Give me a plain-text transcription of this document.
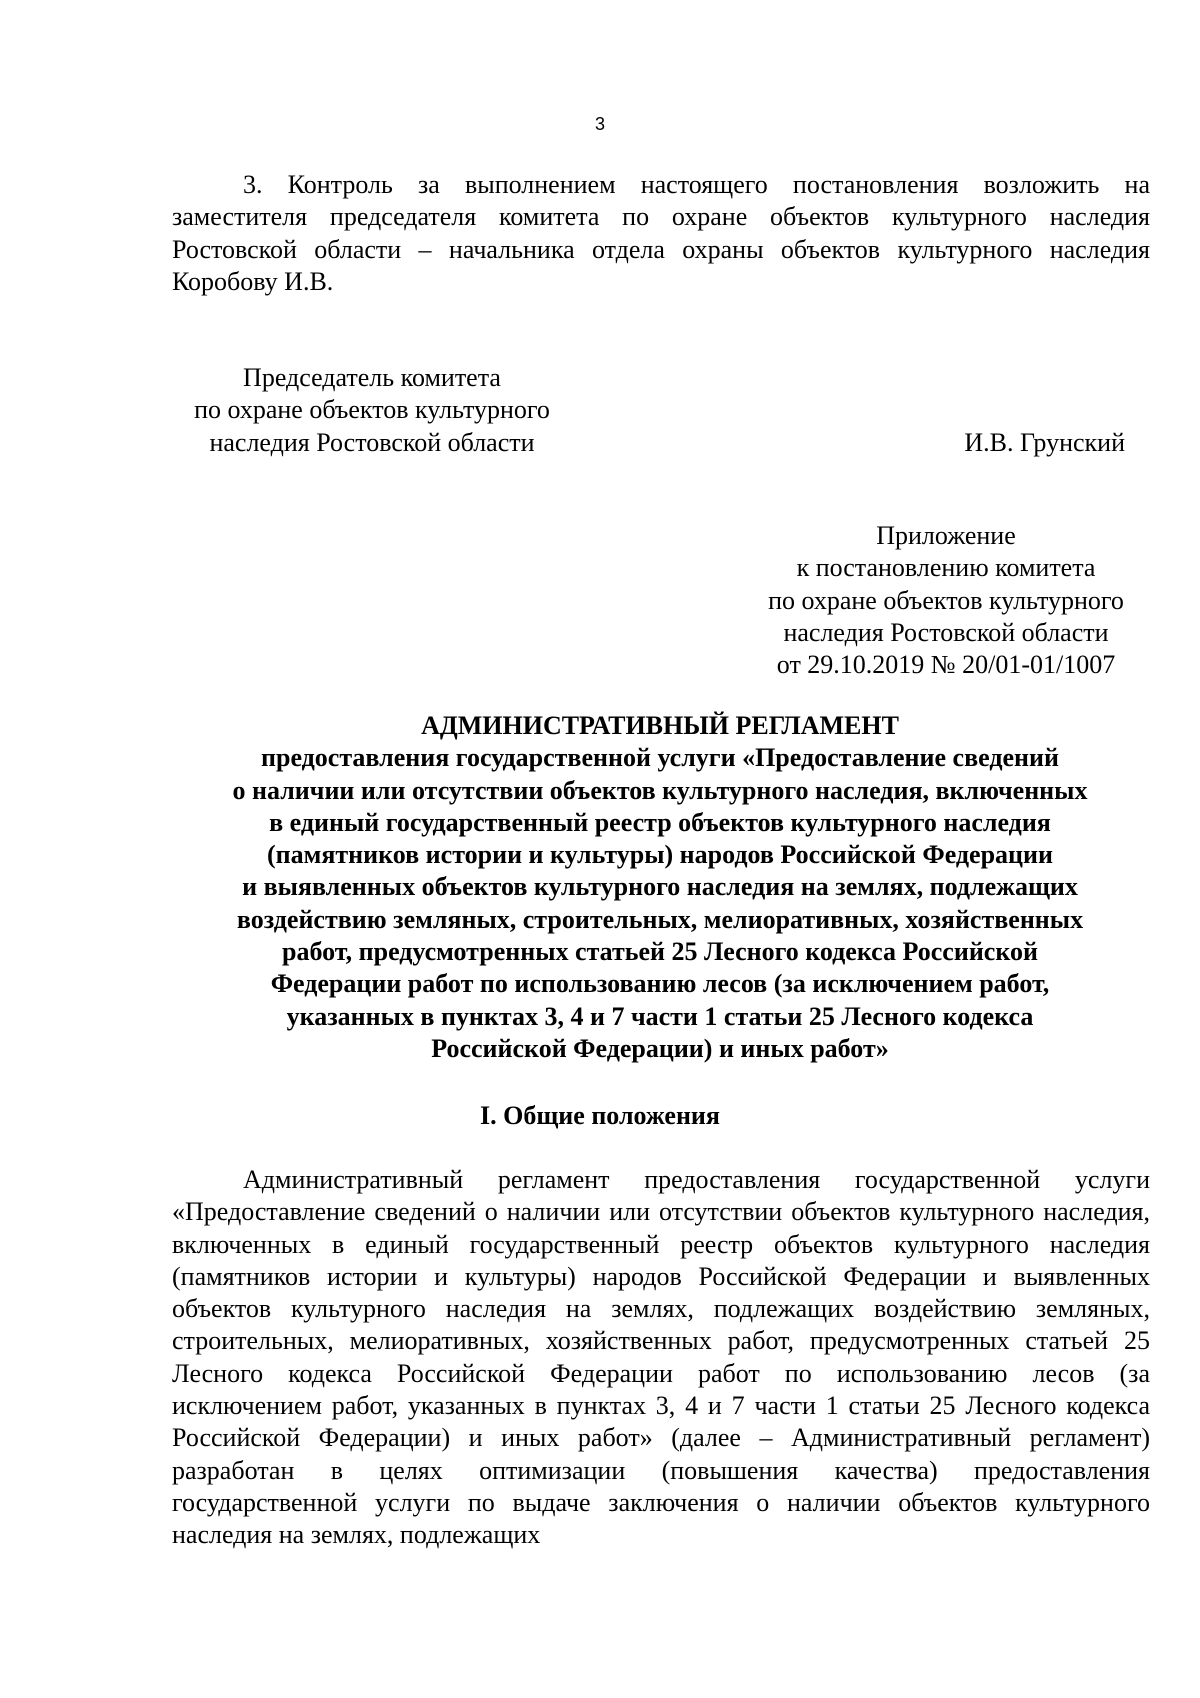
3

3. Контроль за выполнением настоящего постановления возложить на заместителя председателя комитета по охране объектов культурного наследия Ростовской области – начальника отдела охраны объектов культурного наследия Коробову И.В.

Председатель комитета
по охране объектов культурного
наследия Ростовской области	И.В. Грунский
Приложение
к постановлению комитета
по охране объектов культурного
наследия Ростовской области
от 29.10.2019 № 20/01-01/1007
АДМИНИСТРАТИВНЫЙ РЕГЛАМЕНТ
предоставления государственной услуги «Предоставление сведений
о наличии или отсутствии объектов культурного наследия, включенных
в единый государственный реестр объектов культурного наследия
(памятников истории и культуры) народов Российской Федерации
и выявленных объектов культурного наследия на землях, подлежащих
воздействию земляных, строительных, мелиоративных, хозяйственных
работ, предусмотренных статьей 25 Лесного кодекса Российской
Федерации работ по использованию лесов (за исключением работ,
указанных в пунктах 3, 4 и 7 части 1 статьи 25 Лесного кодекса
Российской Федерации) и иных работ»
I. Общие положения

Административный регламент предоставления государственной услуги «Предоставление сведений о наличии или отсутствии объектов культурного наследия, включенных в единый государственный реестр объектов культурного наследия (памятников истории и культуры) народов Российской Федерации и выявленных объектов культурного наследия на землях, подлежащих воздействию земляных, строительных, мелиоративных, хозяйственных работ, предусмотренных статьей 25 Лесного кодекса Российской Федерации работ по использованию лесов (за исключением работ, указанных в пунктах 3, 4 и 7 части 1 статьи 25 Лесного кодекса Российской Федерации) и иных работ» (далее – Административный регламент) разработан в целях оптимизации (повышения качества) предоставления государственной услуги по выдаче заключения о наличии объектов культурного наследия на землях, подлежащих
